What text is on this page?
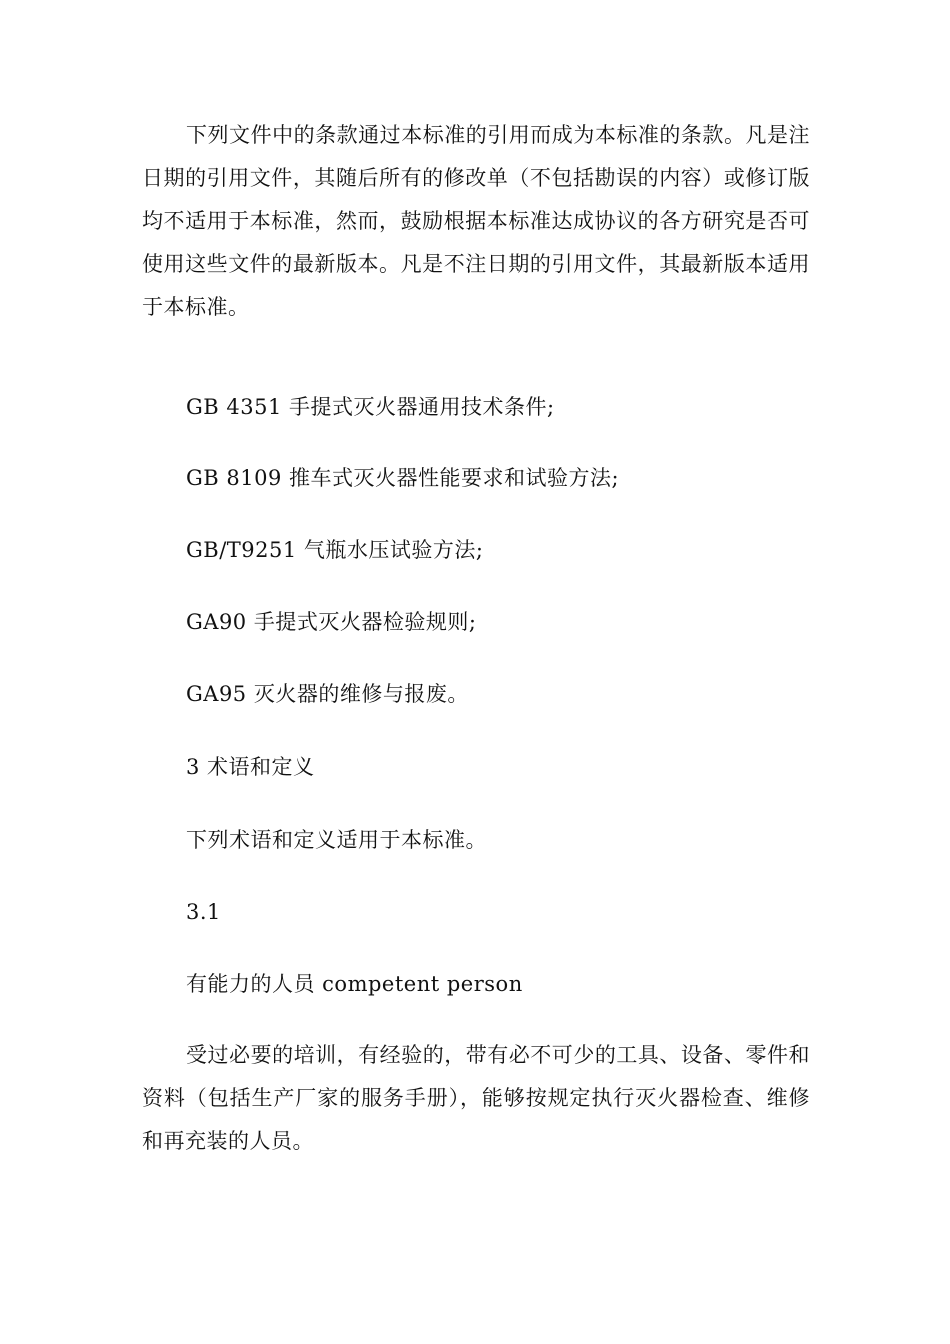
下列文件中的条款通过本标准的引用而成为本标准的条款。凡是注日期的引用文件，其随后所有的修改单（不包括勘误的内容）或修订版均不适用于本标准，然而，鼓励根据本标准达成协议的各方研究是否可使用这些文件的最新版本。凡是不注日期的引用文件，其最新版本适用于本标准。

GB 4351 手提式灭火器通用技术条件;

GB 8109 推车式灭火器性能要求和试验方法;

GB/T9251 气瓶水压试验方法;

GA90 手提式灭火器检验规则;

GA95 灭火器的维修与报废。

3 术语和定义

下列术语和定义适用于本标准。

3.1

有能力的人员 competent person

受过必要的培训，有经验的，带有必不可少的工具、设备、零件和资料（包括生产厂家的服务手册），能够按规定执行灭火器检查、维修和再充装的人员。
